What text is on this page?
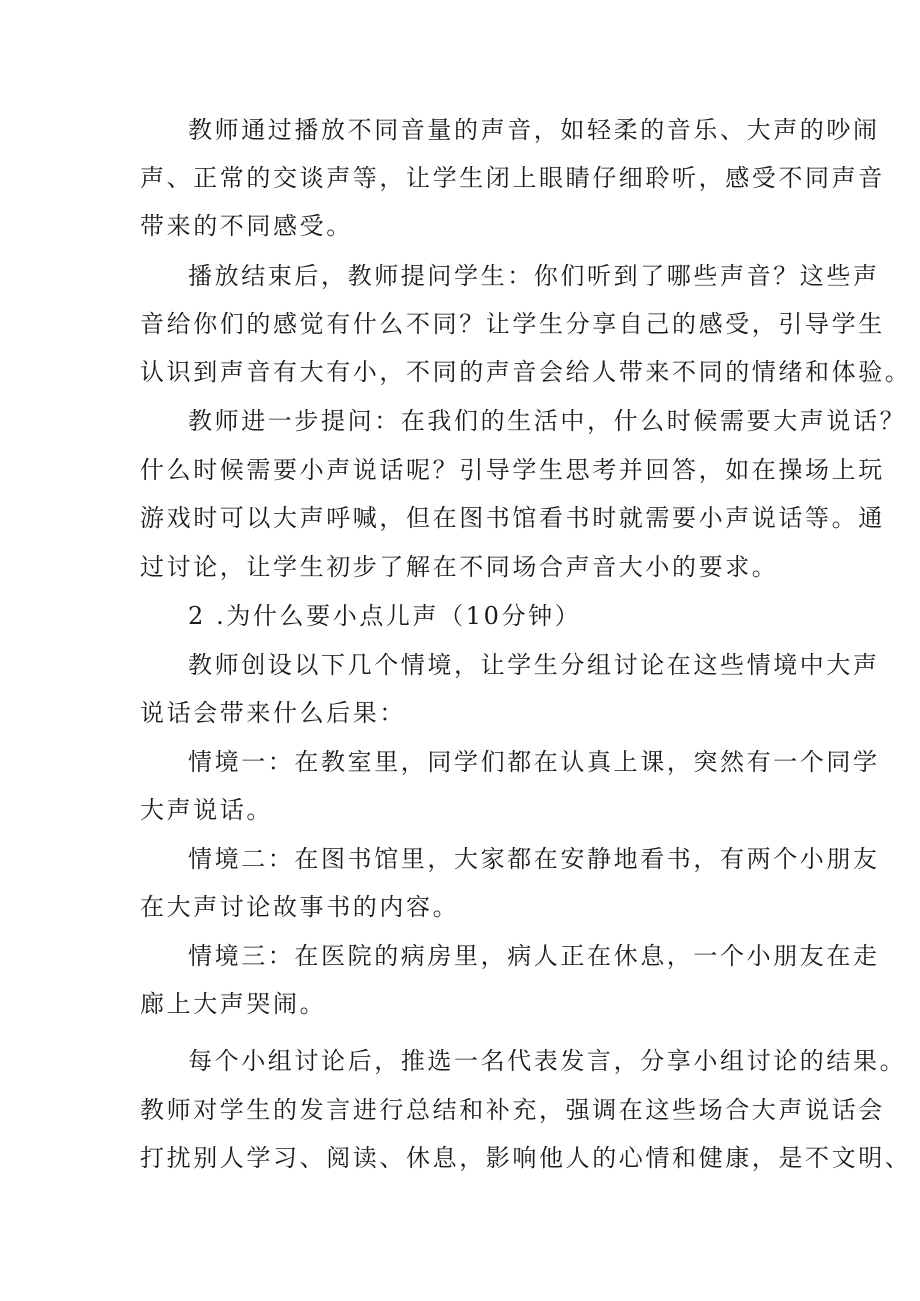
教师通过播放不同音量的声音，如轻柔的音乐、大声的吵闹
声、正常的交谈声等，让学生闭上眼睛仔细聆听，感受不同声音
带来的不同感受。
播放结束后，教师提问学生：你们听到了哪些声音？这些声
音给你们的感觉有什么不同？让学生分享自己的感受，引导学生
认识到声音有大有小，不同的声音会给人带来不同的情绪和体验。
教师进一步提问：在我们的生活中，什么时候需要大声说话？
什么时候需要小声说话呢？引导学生思考并回答，如在操场上玩
游戏时可以大声呼喊，但在图书馆看书时就需要小声说话等。通
过讨论，让学生初步了解在不同场合声音大小的要求。
2 .为什么要小点儿声（10分钟）
教师创设以下几个情境，让学生分组讨论在这些情境中大声
说话会带来什么后果：
情境一：在教室里，同学们都在认真上课，突然有一个同学
大声说话。
情境二：在图书馆里，大家都在安静地看书，有两个小朋友
在大声讨论故事书的内容。
情境三：在医院的病房里，病人正在休息，一个小朋友在走
廊上大声哭闹。
每个小组讨论后，推选一名代表发言，分享小组讨论的结果。
教师对学生的发言进行总结和补充，强调在这些场合大声说话会
打扰别人学习、阅读、休息，影响他人的心情和健康，是不文明、
